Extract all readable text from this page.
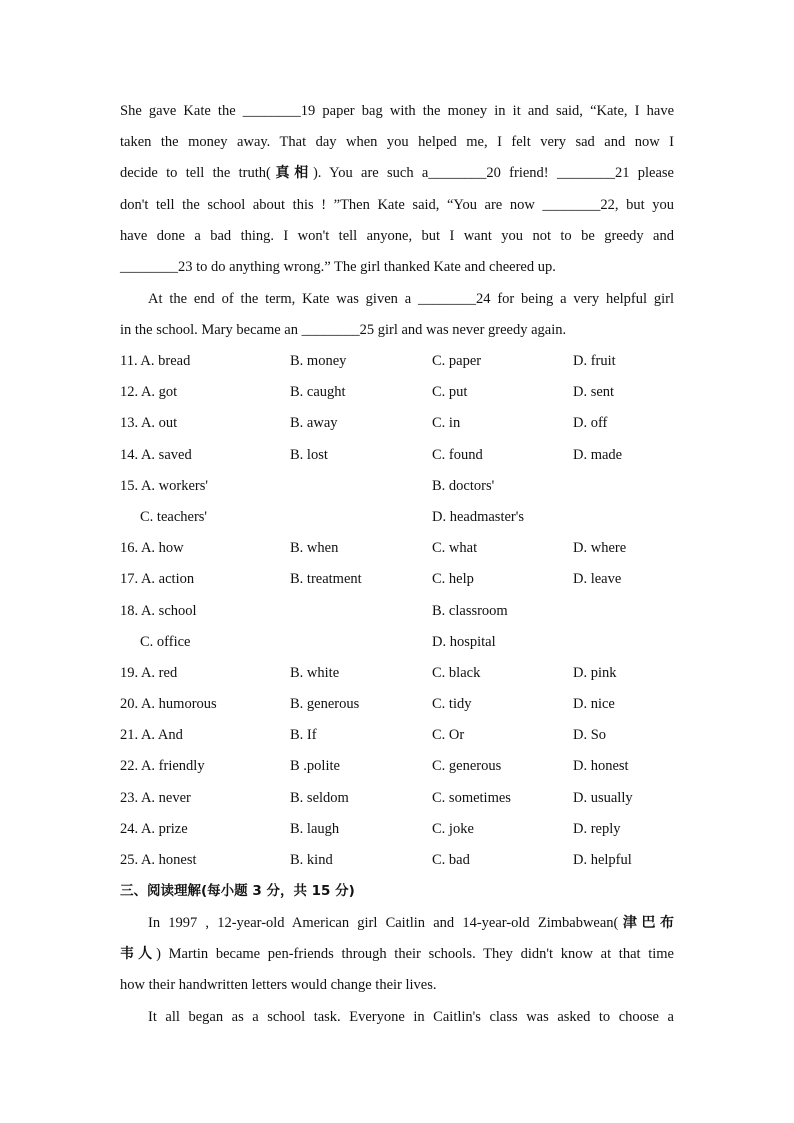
She gave Kate the ________19 paper bag with the money in it and said, “Kate, I have
taken the money away. That day when you helped me, I felt very sad and now I
decide to tell the truth(真相). You are such a________20 friend! ________21 please
don't tell the school about this ! ”Then Kate said, “You are now ________22, but you
have done a bad thing. I won't tell anyone, but I want you not to be greedy and
________23 to do anything wrong.” The girl thanked Kate and cheered up.
At the end of the term, Kate was given a ________24 for being a very helpful girl
in the school. Mary became an ________25 girl and was never greedy again.
11. A. bread	B. money	C. paper	D. fruit
12. A. got	B. caught	C. put	D. sent
13. A. out	B. away	C. in	D. off
14. A. saved	B. lost	C. found	D. made
15. A. workers'	B. doctors'
C. teachers'	D. headmaster's
16. A. how	B. when	C. what	D. where
17. A. action	B. treatment	C. help	D. leave
18. A. school	B. classroom
C. office	D. hospital
19. A. red	B. white	C. black	D. pink
20. A. humorous	B. generous	C. tidy	D. nice
21. A. And	B. If	C. Or	D. So
22. A. friendly	B .polite	C. generous	D. honest
23. A. never	B. seldom	C. sometimes	D. usually
24. A. prize	B. laugh	C. joke	D. reply
25. A. honest	B. kind	C. bad	D. helpful
三、阅读理解(每小题 3 分，共 15 分)
In 1997 , 12-year-old American girl Caitlin and 14-year-old Zimbabwean(津巴布
韦人) Martin became pen-friends through their schools. They didn't know at that time
how their handwritten letters would change their lives.
It all began as a school task. Everyone in Caitlin's class was asked to choose a
